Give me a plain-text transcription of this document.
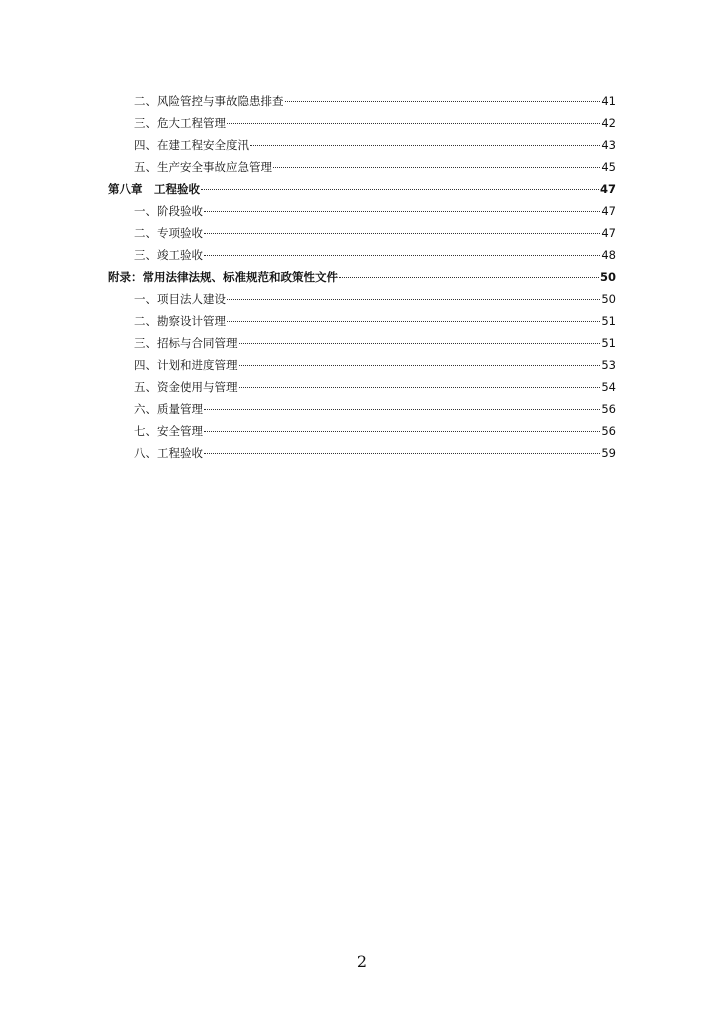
二、风险管控与事故隐患排查	41
三、危大工程管理	42
四、在建工程安全度汛	43
五、生产安全事故应急管理	45
第八章　工程验收	47
一、阶段验收	47
二、专项验收	47
三、竣工验收	48
附录：常用法律法规、标准规范和政策性文件	50
一、项目法人建设	50
二、勘察设计管理	51
三、招标与合同管理	51
四、计划和进度管理	53
五、资金使用与管理	54
六、质量管理	56
七、安全管理	56
八、工程验收	59
2
